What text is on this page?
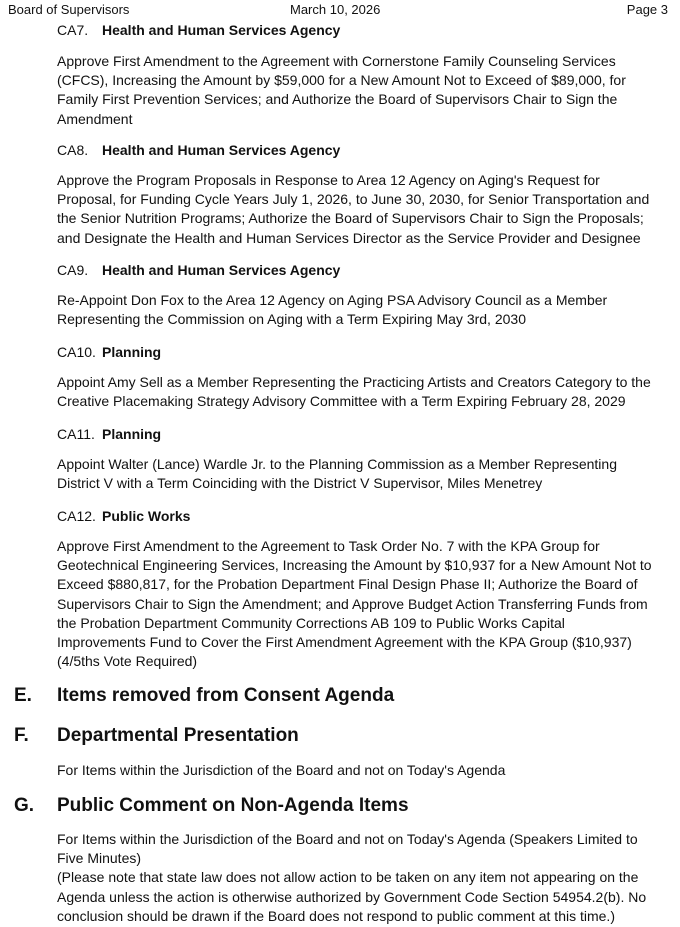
Board of Supervisors	March 10, 2026	Page 3
CA7. Health and Human Services Agency
Approve First Amendment to the Agreement with Cornerstone Family Counseling Services
(CFCS), Increasing the Amount by $59,000 for a New Amount Not to Exceed of $89,000, for
Family First Prevention Services; and Authorize the Board of Supervisors Chair to Sign the
Amendment
CA8. Health and Human Services Agency
Approve the Program Proposals in Response to Area 12 Agency on Aging's Request for
Proposal, for Funding Cycle Years July 1, 2026, to June 30, 2030, for Senior Transportation and
the Senior Nutrition Programs; Authorize the Board of Supervisors Chair to Sign the Proposals;
and Designate the Health and Human Services Director as the Service Provider and Designee
CA9. Health and Human Services Agency
Re-Appoint Don Fox to the Area 12 Agency on Aging PSA Advisory Council as a Member
Representing the Commission on Aging with a Term Expiring May 3rd, 2030
CA10. Planning
Appoint Amy Sell as a Member Representing the Practicing Artists and Creators Category to the
Creative Placemaking Strategy Advisory Committee with a Term Expiring February 28, 2029
CA11. Planning
Appoint Walter (Lance) Wardle Jr. to the Planning Commission as a Member Representing
District V with a Term Coinciding with the District V Supervisor, Miles Menetrey
CA12. Public Works
Approve First Amendment to the Agreement to Task Order No. 7 with the KPA Group for
Geotechnical Engineering Services, Increasing the Amount by $10,937 for a New Amount Not to
Exceed $880,817, for the Probation Department Final Design Phase II; Authorize the Board of
Supervisors Chair to Sign the Amendment; and Approve Budget Action Transferring Funds from
the Probation Department Community Corrections AB 109 to Public Works Capital
Improvements Fund to Cover the First Amendment Agreement with the KPA Group ($10,937)
(4/5ths Vote Required)
E. Items removed from Consent Agenda
F. Departmental Presentation
For Items within the Jurisdiction of the Board and not on Today's Agenda
G. Public Comment on Non-Agenda Items
For Items within the Jurisdiction of the Board and not on Today's Agenda (Speakers Limited to
Five Minutes)
(Please note that state law does not allow action to be taken on any item not appearing on the
Agenda unless the action is otherwise authorized by Government Code Section 54954.2(b). No
conclusion should be drawn if the Board does not respond to public comment at this time.)
